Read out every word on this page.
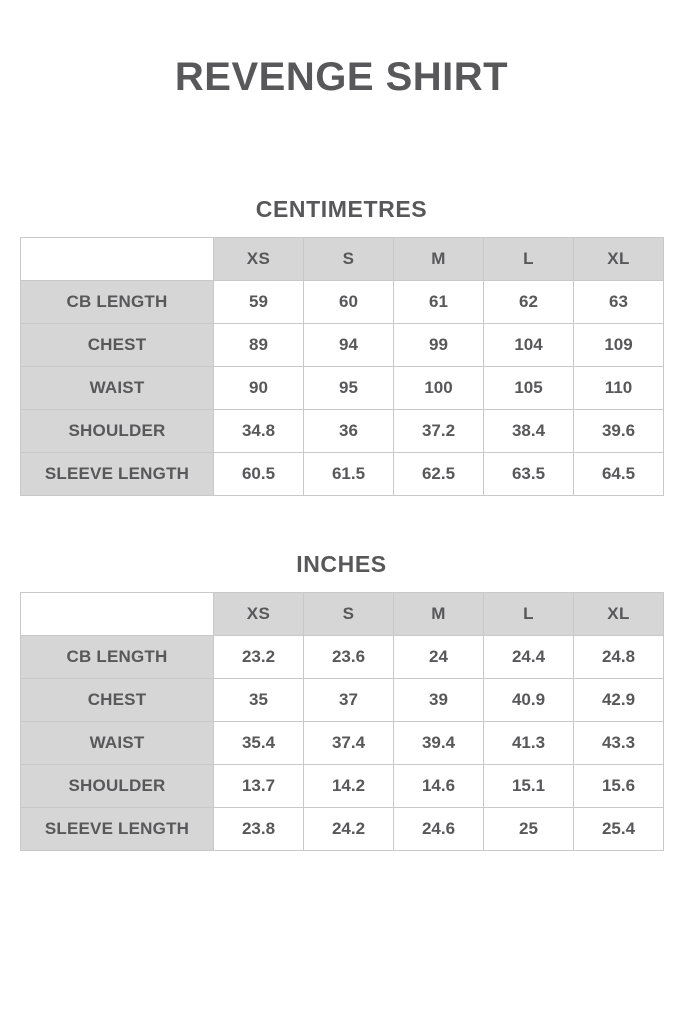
REVENGE SHIRT
CENTIMETRES
	XS	S	M	L	XL
CB LENGTH	59	60	61	62	63
CHEST	89	94	99	104	109
WAIST	90	95	100	105	110
SHOULDER	34.8	36	37.2	38.4	39.6
SLEEVE LENGTH	60.5	61.5	62.5	63.5	64.5
INCHES
	XS	S	M	L	XL
CB LENGTH	23.2	23.6	24	24.4	24.8
CHEST	35	37	39	40.9	42.9
WAIST	35.4	37.4	39.4	41.3	43.3
SHOULDER	13.7	14.2	14.6	15.1	15.6
SLEEVE LENGTH	23.8	24.2	24.6	25	25.4
